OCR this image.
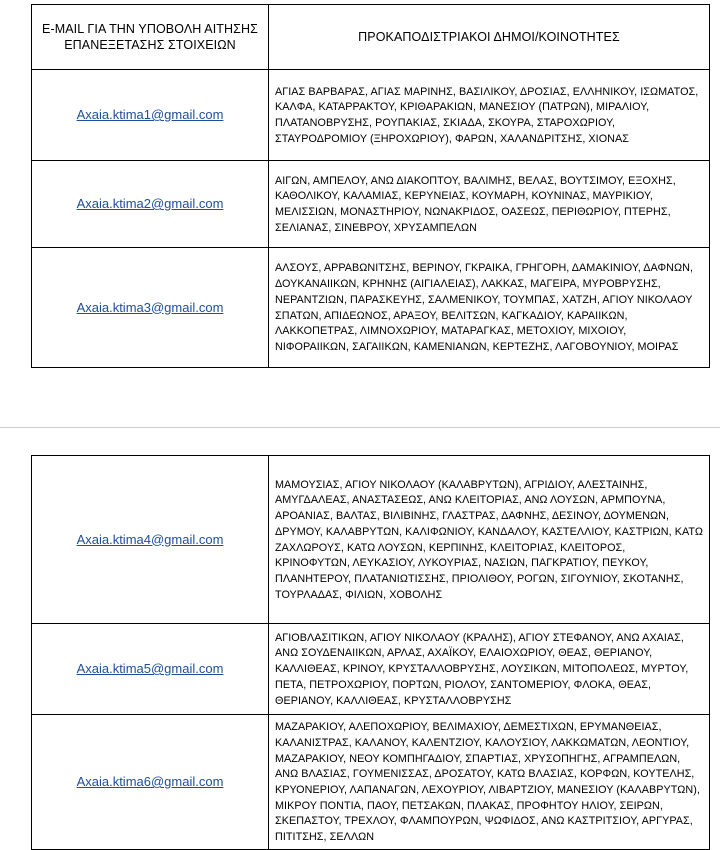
E-MAIL ΓΙΑ ΤΗΝ ΥΠΟΒΟΛΗ ΑΙΤΗΣΗΣ
ΕΠΑΝΕΞΕΤΑΣΗΣ ΣΤΟΙΧΕΙΩΝ	ΠΡΟΚΑΠΟΔΙΣΤΡΙΑΚΟΙ ΔΗΜΟΙ/ΚΟΙΝΟΤΗΤΕΣ
Axaia.ktima1@gmail.com	ΑΓΙΑΣ ΒΑΡΒΑΡΑΣ, ΑΓΙΑΣ ΜΑΡΙΝΗΣ, ΒΑΣΙΛΙΚΟΥ, ΔΡΟΣΙΑΣ, ΕΛΛΗΝΙΚΟΥ, ΙΣΩΜΑΤΟΣ, ΚΑΛΦΑ, ΚΑΤΑΡΡΑΚΤΟΥ, ΚΡΙΘΑΡΑΚΙΩΝ, ΜΑΝΕΣΙΟΥ (ΠΑΤΡΩΝ), ΜΙΡΑΛΙΟΥ, ΠΛΑΤΑΝΟΒΡΥΣΗΣ, ΡΟΥΠΑΚΙΑΣ, ΣΚΙΑΔΑ, ΣΚΟΥΡΑ, ΣΤΑΡΟΧΩΡΙΟΥ, ΣΤΑΥΡΟΔΡΟΜΙΟΥ (ΞΗΡΟΧΩΡΙΟΥ), ΦΑΡΩΝ, ΧΑΛΑΝΔΡΙΤΣΗΣ, ΧΙΟΝΑΣ
Axaia.ktima2@gmail.com	ΑΙΓΩΝ, ΑΜΠΕΛΟΥ, ΑΝΩ ΔΙΑΚΟΠΤΟΥ, ΒΑΛΙΜΗΣ, ΒΕΛΑΣ, ΒΟΥΤΣΙΜΟΥ, ΕΞΟΧΗΣ, ΚΑΘΟΛΙΚΟΥ, ΚΑΛΑΜΙΑΣ, ΚΕΡΥΝΕΙΑΣ, ΚΟΥΜΑΡΗ, ΚΟΥΝΙΝΑΣ, ΜΑΥΡΙΚΙΟΥ, ΜΕΛΙΣΣΙΩΝ, ΜΟΝΑΣΤΗΡΙΟΥ, ΝΩΝΑΚΡΙΔΟΣ, ΟΑΣΕΩΣ, ΠΕΡΙΘΩΡΙΟΥ, ΠΤΕΡΗΣ, ΣΕΛΙΑΝΑΣ, ΣΙΝΕΒΡΟΥ, ΧΡΥΣΑΜΠΕΛΩΝ
Axaia.ktima3@gmail.com	ΑΛΣΟΥΣ, ΑΡΡΑΒΩΝΙΤΣΗΣ, ΒΕΡΙΝΟΥ, ΓΚΡΑΙΚΑ, ΓΡΗΓΟΡΗ, ΔΑΜΑΚΙΝΙΟΥ, ΔΑΦΝΩΝ, ΔΟΥΚΑΝΑΙΙΚΩΝ, ΚΡΗΝΗΣ (ΑΙΓΙΑΛΕΙΑΣ), ΛΑΚΚΑΣ, ΜΑΓΕΙΡΑ, ΜΥΡΟΒΡΥΣΗΣ, ΝΕΡΑΝΤΖΙΩΝ, ΠΑΡΑΣΚΕΥΗΣ, ΣΑΛΜΕΝΙΚΟΥ, ΤΟΥΜΠΑΣ, ΧΑΤΖΗ, ΑΓΙΟΥ ΝΙΚΟΛΑΟΥ ΣΠΑΤΩΝ, ΑΠΙΔΕΩΝΟΣ, ΑΡΑΞΟΥ, ΒΕΛΙΤΣΩΝ, ΚΑΓΚΑΔΙΟΥ, ΚΑΡΑΙΙΚΩΝ, ΛΑΚΚΟΠΕΤΡΑΣ, ΛΙΜΝΟΧΩΡΙΟΥ, ΜΑΤΑΡΑΓΚΑΣ, ΜΕΤΟΧΙΟΥ, ΜΙΧΟΙΟΥ, ΝΙΦΟΡΑΙΙΚΩΝ, ΣΑΓΑΙΙΚΩΝ, ΚΑΜΕΝΙΑΝΩΝ, ΚΕΡΤΕΖΗΣ, ΛΑΓΟΒΟΥΝΙΟΥ, ΜΟΙΡΑΣ
Axaia.ktima4@gmail.com	ΜΑΜΟΥΣΙΑΣ, ΑΓΙΟΥ ΝΙΚΟΛΑΟΥ (ΚΑΛΑΒΡΥΤΩΝ), ΑΓΡΙΔΙΟΥ, ΑΛΕΣΤΑΙΝΗΣ, ΑΜΥΓΔΑΛΕΑΣ, ΑΝΑΣΤΑΣΕΩΣ, ΑΝΩ ΚΛΕΙΤΟΡΙΑΣ, ΑΝΩ ΛΟΥΣΩΝ, ΑΡΜΠΟΥΝΑ, ΑΡΟΑΝΙΑΣ, ΒΑΛΤΑΣ, ΒΙΛΙΒΙΝΗΣ, ΓΛΑΣΤΡΑΣ, ΔΑΦΝΗΣ, ΔΕΣΙΝΟΥ, ΔΟΥΜΕΝΩΝ, ΔΡΥΜΟΥ, ΚΑΛΑΒΡΥΤΩΝ, ΚΑΛΙΦΩΝΙΟΥ, ΚΑΝΔΑΛΟΥ, ΚΑΣΤΕΛΛΙΟΥ, ΚΑΣΤΡΙΩΝ, ΚΑΤΩ ΖΑΧΛΩΡΟΥΣ, ΚΑΤΩ ΛΟΥΣΩΝ, ΚΕΡΠΙΝΗΣ, ΚΛΕΙΤΟΡΙΑΣ, ΚΛΕΙΤΟΡΟΣ, ΚΡΙΝΟΦΥΤΩΝ, ΛΕΥΚΑΣΙΟΥ, ΛΥΚΟΥΡΙΑΣ, ΝΑΣΙΩΝ, ΠΑΓΚΡΑΤΙΟΥ, ΠΕΥΚΟΥ, ΠΛΑΝΗΤΕΡΟΥ, ΠΛΑΤΑΝΙΩΤΙΣΣΗΣ, ΠΡΙΟΛΙΘΟΥ, ΡΟΓΩΝ, ΣΙΓΟΥΝΙΟΥ, ΣΚΟΤΑΝΗΣ, ΤΟΥΡΛΑΔΑΣ, ΦΙΛΙΩΝ, ΧΟΒΟΛΗΣ
Axaia.ktima5@gmail.com	ΑΓΙΟΒΛΑΣΙΤΙΚΩΝ, ΑΓΙΟΥ ΝΙΚΟΛΑΟΥ (ΚΡΑΛΗΣ), ΑΓΙΟΥ ΣΤΕΦΑΝΟΥ, ΑΝΩ ΑΧΑΙΑΣ, ΑΝΩ ΣΟΥΔΕΝΑΙΙΚΩΝ, ΑΡΛΑΣ, ΑΧΑΪΚΟΥ, ΕΛΑΙΟΧΩΡΙΟΥ, ΘΕΑΣ, ΘΕΡΙΑΝΟΥ, ΚΑΛΛΙΘΕΑΣ, ΚΡΙΝΟΥ, ΚΡΥΣΤΑΛΛΟΒΡΥΣΗΣ, ΛΟΥΣΙΚΩΝ, ΜΙΤΟΠΟΛΕΩΣ, ΜΥΡΤΟΥ, ΠΕΤΑ, ΠΕΤΡΟΧΩΡΙΟΥ, ΠΟΡΤΩΝ, ΡΙΟΛΟΥ, ΣΑΝΤΟΜΕΡΙΟΥ, ΦΛΟΚΑ, ΘΕΑΣ, ΘΕΡΙΑΝΟΥ, ΚΑΛΛΙΘΕΑΣ, ΚΡΥΣΤΑΛΛΟΒΡΥΣΗΣ
Axaia.ktima6@gmail.com	ΜΑΖΑΡΑΚΙΟΥ, ΑΛΕΠΟΧΩΡΙΟΥ, ΒΕΛΙΜΑΧΙΟΥ, ΔΕΜΕΣΤΙΧΩΝ, ΕΡΥΜΑΝΘΕΙΑΣ, ΚΑΛΑΝΙΣΤΡΑΣ, ΚΑΛΑΝΟΥ, ΚΑΛΕΝΤΖΙΟΥ, ΚΑΛΟΥΣΙΟΥ, ΛΑΚΚΩΜΑΤΩΝ, ΛΕΟΝΤΙΟΥ, ΜΑΖΑΡΑΚΙΟΥ, ΝΕΟΥ ΚΟΜΠΗΓΑΔΙΟΥ, ΣΠΑΡΤΙΑΣ, ΧΡΥΣΟΠΗΓΗΣ, ΑΓΡΑΜΠΕΛΩΝ, ΑΝΩ ΒΛΑΣΙΑΣ, ΓΟΥΜΕΝΙΣΣΑΣ, ΔΡΟΣΑΤΟΥ, ΚΑΤΩ ΒΛΑΣΙΑΣ, ΚΟΡΦΩΝ, ΚΟΥΤΕΛΗΣ, ΚΡΥΟΝΕΡΙΟΥ, ΛΑΠΑΝΑΓΩΝ, ΛΕΧΟΥΡΙΟΥ, ΛΙΒΑΡΤΖΙΟΥ, ΜΑΝΕΣΙΟΥ (ΚΑΛΑΒΡΥΤΩΝ), ΜΙΚΡΟΥ ΠΟΝΤΙΑ, ΠΑΟΥ, ΠΕΤΣΑΚΩΝ, ΠΛΑΚΑΣ, ΠΡΟΦΗΤΟΥ ΗΛΙΟΥ, ΣΕΙΡΩΝ, ΣΚΕΠΑΣΤΟΥ, ΤΡΕΧΛΟΥ, ΦΛΑΜΠΟΥΡΩΝ, ΨΩΦΙΔΟΣ, ΑΝΩ ΚΑΣΤΡΙΤΣΙΟΥ, ΑΡΓΥΡΑΣ, ΠΙΤΙΤΣΗΣ, ΣΕΛΛΩΝ
